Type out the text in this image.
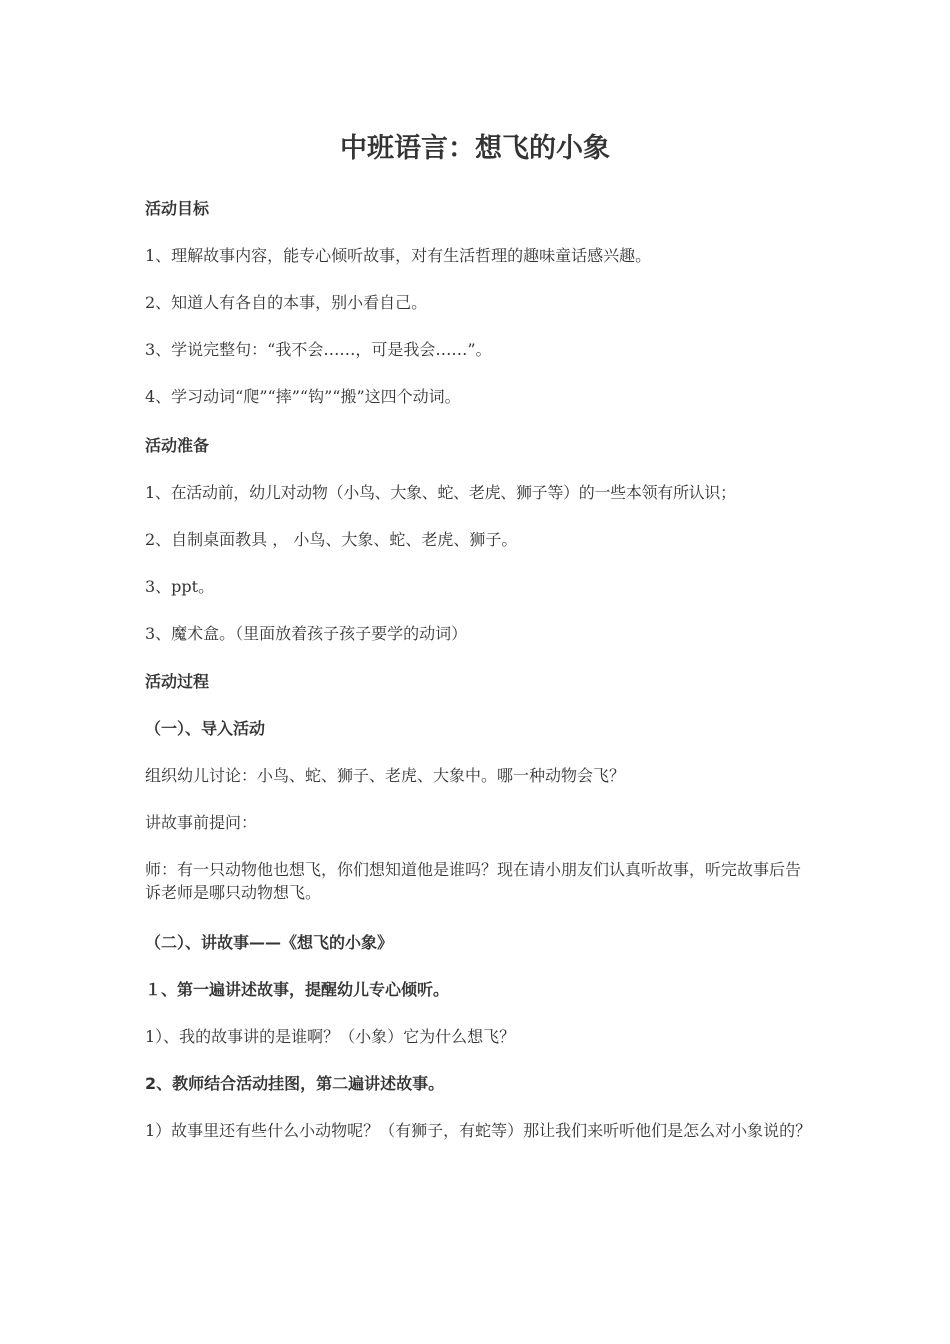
中班语言：想飞的小象
活动目标
1、理解故事内容，能专心倾听故事，对有生活哲理的趣味童话感兴趣。
2、知道人有各自的本事，别小看自己。
3、学说完整句：“我不会……，可是我会……”。
4、学习动词“爬”“摔”“钩”“搬”这四个动词。
活动准备
1、在活动前，幼儿对动物（小鸟、大象、蛇、老虎、狮子等）的一些本领有所认识；
2、自制桌面教具 ， 小鸟、大象、蛇、老虎、狮子。
3、ppt。
3、魔术盒。（里面放着孩子孩子要学的动词）
活动过程
（一）、导入活动
组织幼儿讨论：小鸟、蛇、狮子、老虎、大象中。哪一种动物会飞？
讲故事前提问：
师：有一只动物他也想飞，你们想知道他是谁吗？现在请小朋友们认真听故事，听完故事后告诉老师是哪只动物想飞。
（二）、讲故事——《想飞的小象》
１、第一遍讲述故事，提醒幼儿专心倾听。
1）、我的故事讲的是谁啊？（小象）它为什么想飞？
2、教师结合活动挂图，第二遍讲述故事。
1）故事里还有些什么小动物呢？（有狮子，有蛇等）那让我们来听听他们是怎么对小象说的？
